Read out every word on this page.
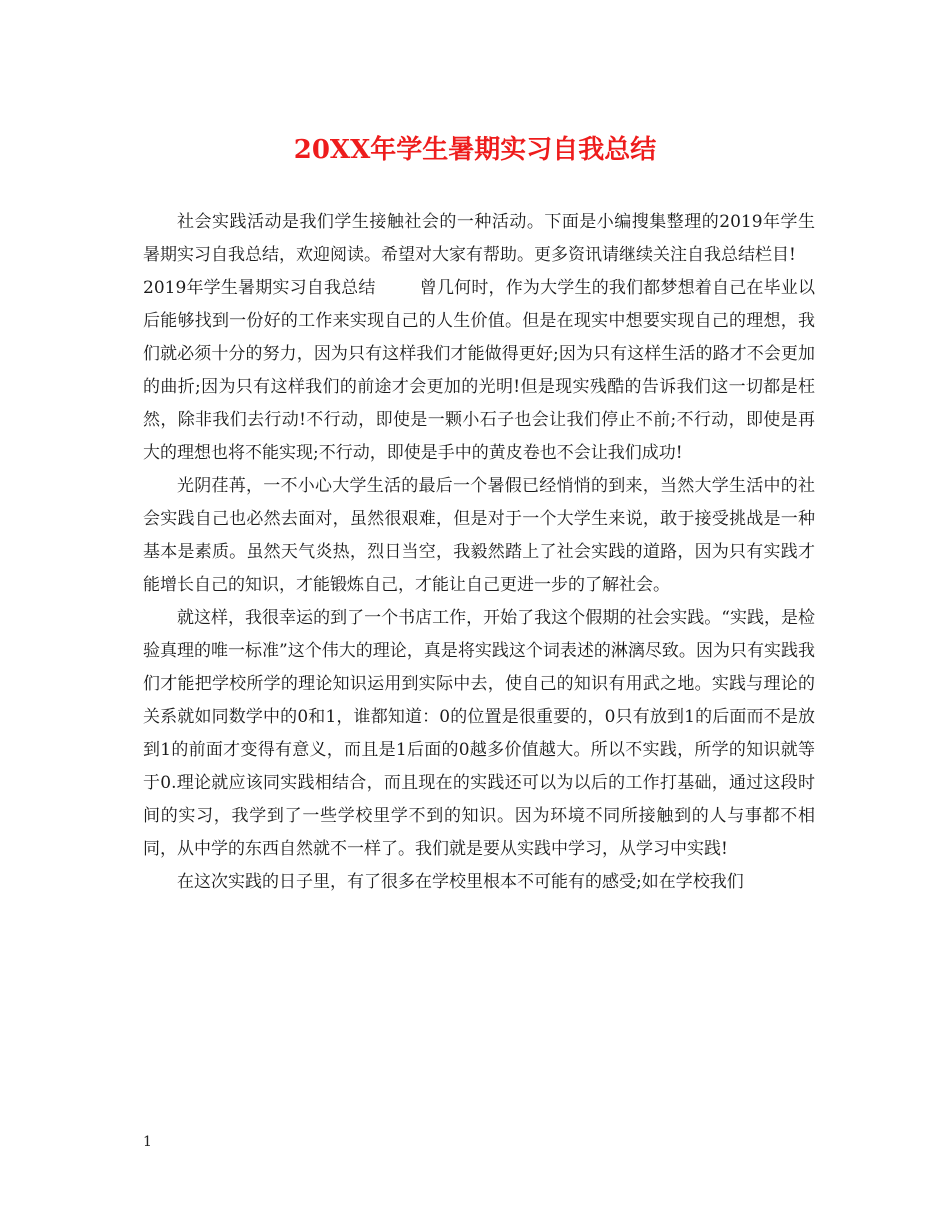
20XX年学生暑期实习自我总结

社会实践活动是我们学生接触社会的一种活动。下面是小编搜集整理的2019年学生暑期实习自我总结，欢迎阅读。希望对大家有帮助。更多资讯请继续关注自我总结栏目!

2019年学生暑期实习自我总结	曾几何时，作为大学生的我们都梦想着自己在毕业以后能够找到一份好的工作来实现自己的人生价值。但是在现实中想要实现自己的理想，我们就必须十分的努力，因为只有这样我们才能做得更好;因为只有这样生活的路才不会更加的曲折;因为只有这样我们的前途才会更加的光明!但是现实残酷的告诉我们这一切都是枉然，除非我们去行动!不行动，即使是一颗小石子也会让我们停止不前;不行动，即使是再大的理想也将不能实现;不行动，即使是手中的黄皮卷也不会让我们成功!

光阴荏苒，一不小心大学生活的最后一个暑假已经悄悄的到来，当然大学生活中的社会实践自己也必然去面对，虽然很艰难，但是对于一个大学生来说，敢于接受挑战是一种基本是素质。虽然天气炎热，烈日当空，我毅然踏上了社会实践的道路，因为只有实践才能增长自己的知识，才能锻炼自己，才能让自己更进一步的了解社会。

就这样，我很幸运的到了一个书店工作，开始了我这个假期的社会实践。“实践，是检验真理的唯一标准”这个伟大的理论，真是将实践这个词表述的淋漓尽致。因为只有实践我们才能把学校所学的理论知识运用到实际中去，使自己的知识有用武之地。实践与理论的关系就如同数学中的0和1，谁都知道：0的位置是很重要的，0只有放到1的后面而不是放到1的前面才变得有意义，而且是1后面的0越多价值越大。所以不实践，所学的知识就等于0.理论就应该同实践相结合，而且现在的实践还可以为以后的工作打基础，通过这段时间的实习，我学到了一些学校里学不到的知识。因为环境不同所接触到的人与事都不相同，从中学的东西自然就不一样了。我们就是要从实践中学习，从学习中实践!

在这次实践的日子里，有了很多在学校里根本不可能有的感受;如在学校我们

1
